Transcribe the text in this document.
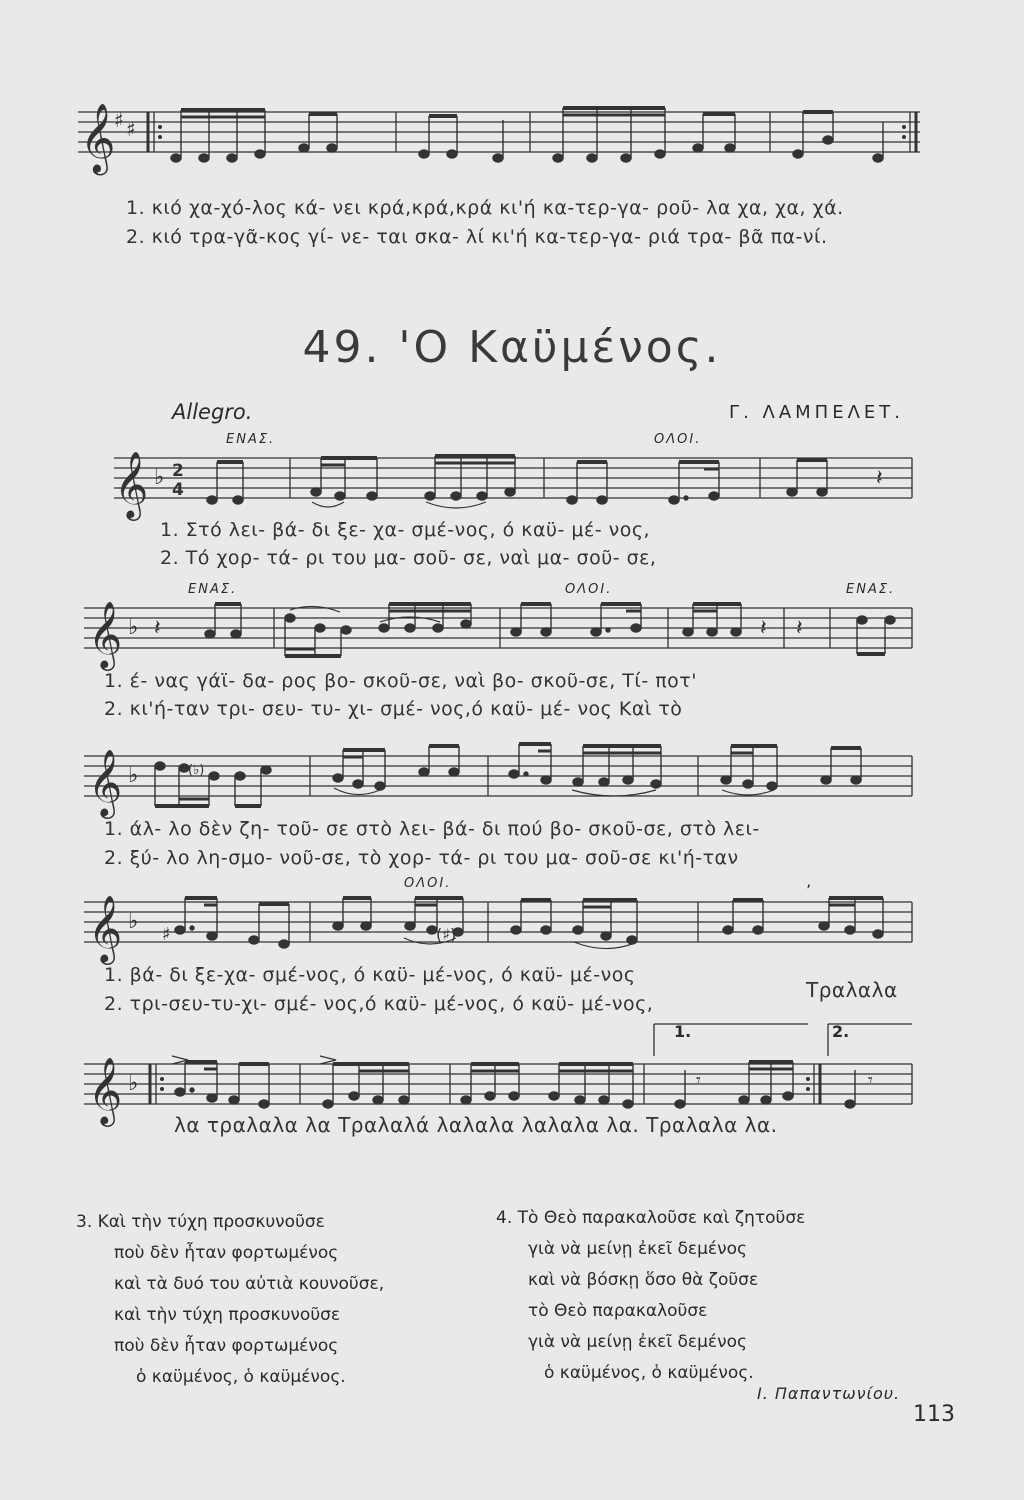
𝄞
♯ ♯
1. κιό χα-χό-λος κά- νει κρά,κρά,κρά κι'ή κα-τερ-γα- ροῦ- λα χα, χα, χά.
2. κιό τρα-γᾶ-κος γί- νε- ται σκα- λί κι'ή κα-τερ-γα- ριά τρα- βᾶ πα-νί.
49. 'Ο Καϋμένος.
Allegro.	Γ. ΛΑΜΠΕΛΕΤ.
ΕΝΑΣ.	ΟΛΟΙ.
𝄞 ♭ 2
4	𝄽
1. Στό λει- βά- δι ξε- χα- σμέ-νος, ό καϋ- μέ- νος,
2. Τό χορ- τά- ρι του μα- σοῦ- σε, ναὶ μα- σοῦ- σε,
ΕΝΑΣ.	ΟΛΟΙ.	ΕΝΑΣ.
𝄞 ♭ 𝄽	𝄽 𝄽
1. έ- νας γάϊ- δα- ρος βο- σκοῦ-σε, ναὶ βο- σκοῦ-σε, Τί- ποτ'
2. κι'ή-ταν τρι- σευ- τυ- χι- σμέ- νος,ό καϋ- μέ- νος Καὶ τὸ
𝄞 ♭	(♭)
1. άλ- λο δὲν ζη- τοῦ- σε στὸ λει- βά- δι πού βο- σκοῦ-σε, στὸ λει-
2. ξύ- λο λη-σμο- νοῦ-σε, τὸ χορ- τά- ρι του μα- σοῦ-σε κι'ή-ταν
ΟΛΟΙ.
𝄞 ♭
♯	(♯)
’
1. βά- δι ξε-χα- σμέ-νος, ό καϋ- μέ-νος, ό καϋ- μέ-νος
2. τρι-σευ-τυ-χι- σμέ- νος,ό καϋ- μέ-νος, ό καϋ- μέ-νος,
Τραλαλα
1.	2.
𝄞 ♭	𝄾	𝄾
λα τραλαλα λα Τραλαλά λαλαλα λαλαλα λα. Τραλαλα λα.
3. Καὶ τὴν τύχη προσκυνοῦσε
ποὺ δὲν ἦταν φορτωμένος
καὶ τὰ δυό του αὐτιὰ κουνοῦσε,
καὶ τὴν τύχη προσκυνοῦσε
ποὺ δὲν ἦταν φορτωμένος
ὁ καϋμένος, ὁ καϋμένος.
4. Τὸ Θεὸ παρακαλοῦσε καὶ ζητοῦσε
γιὰ νὰ μείνῃ ἐκεῖ δεμένος
καὶ νὰ βόσκῃ ὅσο θὰ ζοῦσε
τὸ Θεὸ παρακαλοῦσε
γιὰ νὰ μείνῃ ἐκεῖ δεμένος
ὁ καϋμένος, ὁ καϋμένος.
Ι. Παπαντωνίου.
113
